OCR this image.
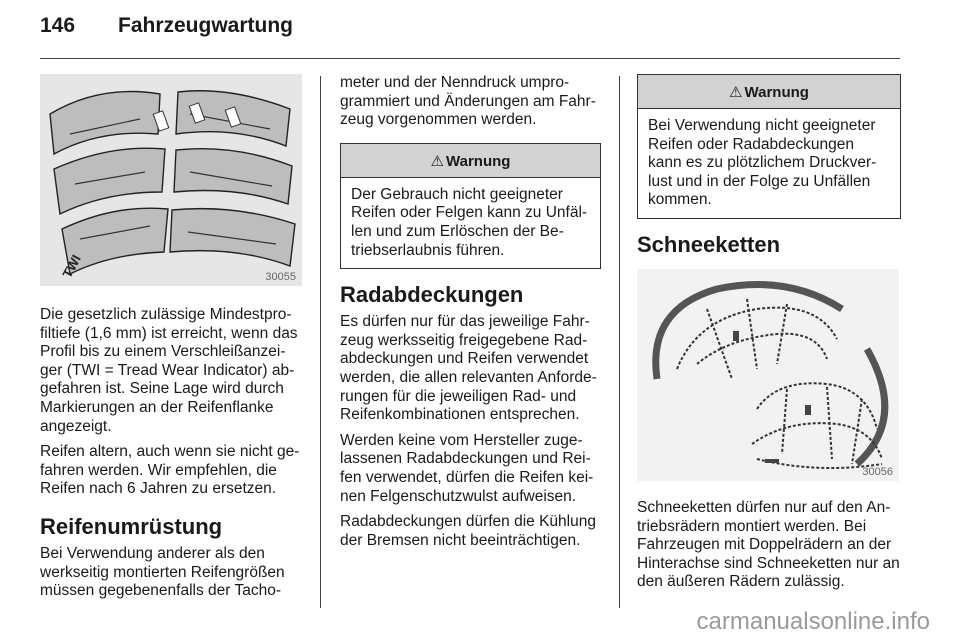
146 Fahrzeugwartung
TWI	30055

Die gesetzlich zulässige Mindestpro-filtiefe (1,6 mm) ist erreicht, wenn das Profil bis zu einem Verschleißanzei-ger (TWI = Tread Wear Indicator) ab-gefahren ist. Seine Lage wird durch Markierungen an der Reifenflanke angezeigt.

Reifen altern, auch wenn sie nicht ge-fahren werden. Wir empfehlen, die Reifen nach 6 Jahren zu ersetzen.

Reifenumrüstung

Bei Verwendung anderer als den werkseitig montierten Reifengrößen müssen gegebenenfalls der Tacho-

meter und der Nenndruck umpro-grammiert und Änderungen am Fahr-zeug vorgenommen werden.

⚠ Warnung

Der Gebrauch nicht geeigneter Reifen oder Felgen kann zu Unfäl-len und zum Erlöschen der Be-triebserlaubnis führen.

Radabdeckungen

Es dürfen nur für das jeweilige Fahr-zeug werksseitig freigegebene Rad-abdeckungen und Reifen verwendet werden, die allen relevanten Anforde-rungen für die jeweiligen Rad- und Reifenkombinationen entsprechen.

Werden keine vom Hersteller zuge-lassenen Radabdeckungen und Rei-fen verwendet, dürfen die Reifen kei-nen Felgenschutzwulst aufweisen.

Radabdeckungen dürfen die Kühlung der Bremsen nicht beeinträchtigen.

⚠ Warnung

Bei Verwendung nicht geeigneter Reifen oder Radabdeckungen kann es zu plötzlichem Druckver-lust und in der Folge zu Unfällen kommen.

Schneeketten
30056

Schneeketten dürfen nur auf den An-triebsrädern montiert werden. Bei Fahrzeugen mit Doppelrädern an der Hinterachse sind Schneeketten nur an den äußeren Rädern zulässig.

carmanualsonline.info
